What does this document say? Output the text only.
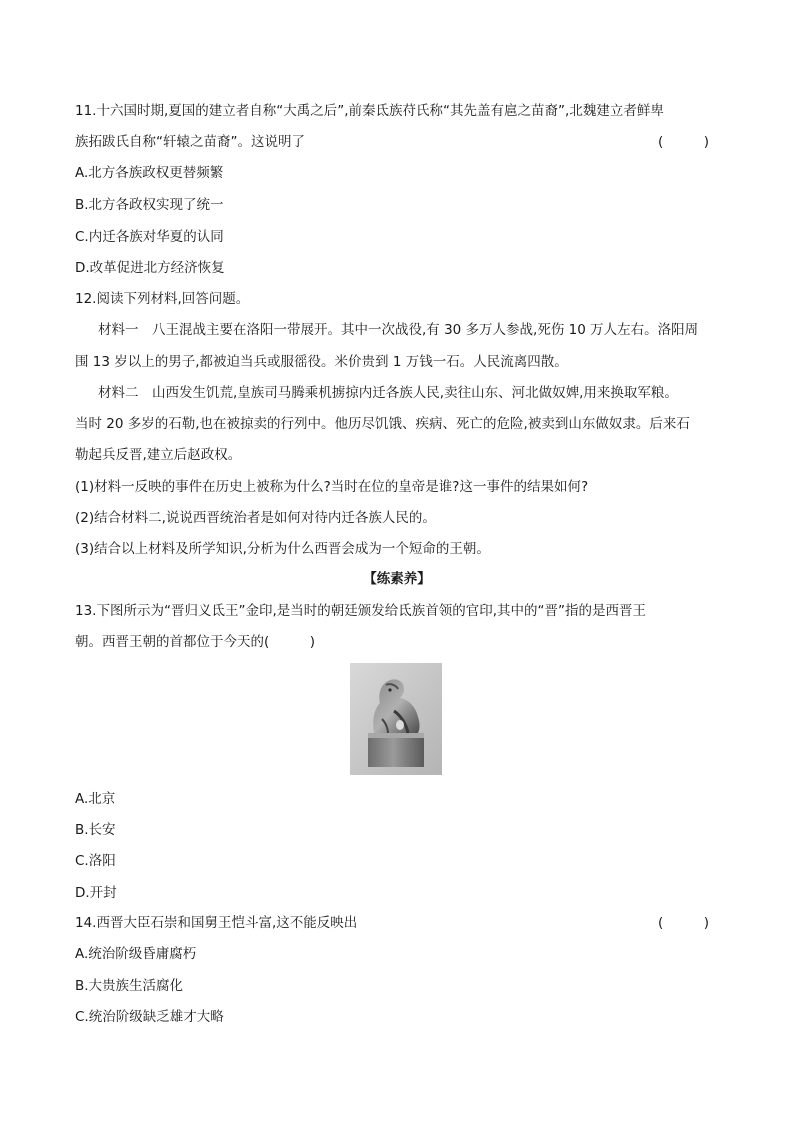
11.十六国时期,夏国的建立者自称“大禹之后”,前秦氐族苻氏称“其先盖有扈之苗裔”,北魏建立者鲜卑
族拓跋氏自称“轩辕之苗裔”。这说明了	(　　　)
A.北方各族政权更替频繁
B.北方各政权实现了统一
C.内迁各族对华夏的认同
D.改革促进北方经济恢复
12.阅读下列材料,回答问题。
材料一　八王混战主要在洛阳一带展开。其中一次战役,有 30 多万人参战,死伤 10 万人左右。洛阳周
围 13 岁以上的男子,都被迫当兵或服徭役。米价贵到 1 万钱一石。人民流离四散。
材料二　山西发生饥荒,皇族司马腾乘机掳掠内迁各族人民,卖往山东、河北做奴婢,用来换取军粮。
当时 20 多岁的石勒,也在被掠卖的行列中。他历尽饥饿、疾病、死亡的危险,被卖到山东做奴隶。后来石
勒起兵反晋,建立后赵政权。
(1)材料一反映的事件在历史上被称为什么?当时在位的皇帝是谁?这一事件的结果如何?
(2)结合材料二,说说西晋统治者是如何对待内迁各族人民的。
(3)结合以上材料及所学知识,分析为什么西晋会成为一个短命的王朝。
【练素养】
13.下图所示为“晋归义氐王”金印,是当时的朝廷颁发给氐族首领的官印,其中的“晋”指的是西晋王
朝。西晋王朝的首都位于今天的(　　　)
A.北京
B.长安
C.洛阳
D.开封
14.西晋大臣石崇和国舅王恺斗富,这不能反映出	(　　　)
A.统治阶级昏庸腐朽
B.大贵族生活腐化
C.统治阶级缺乏雄才大略
